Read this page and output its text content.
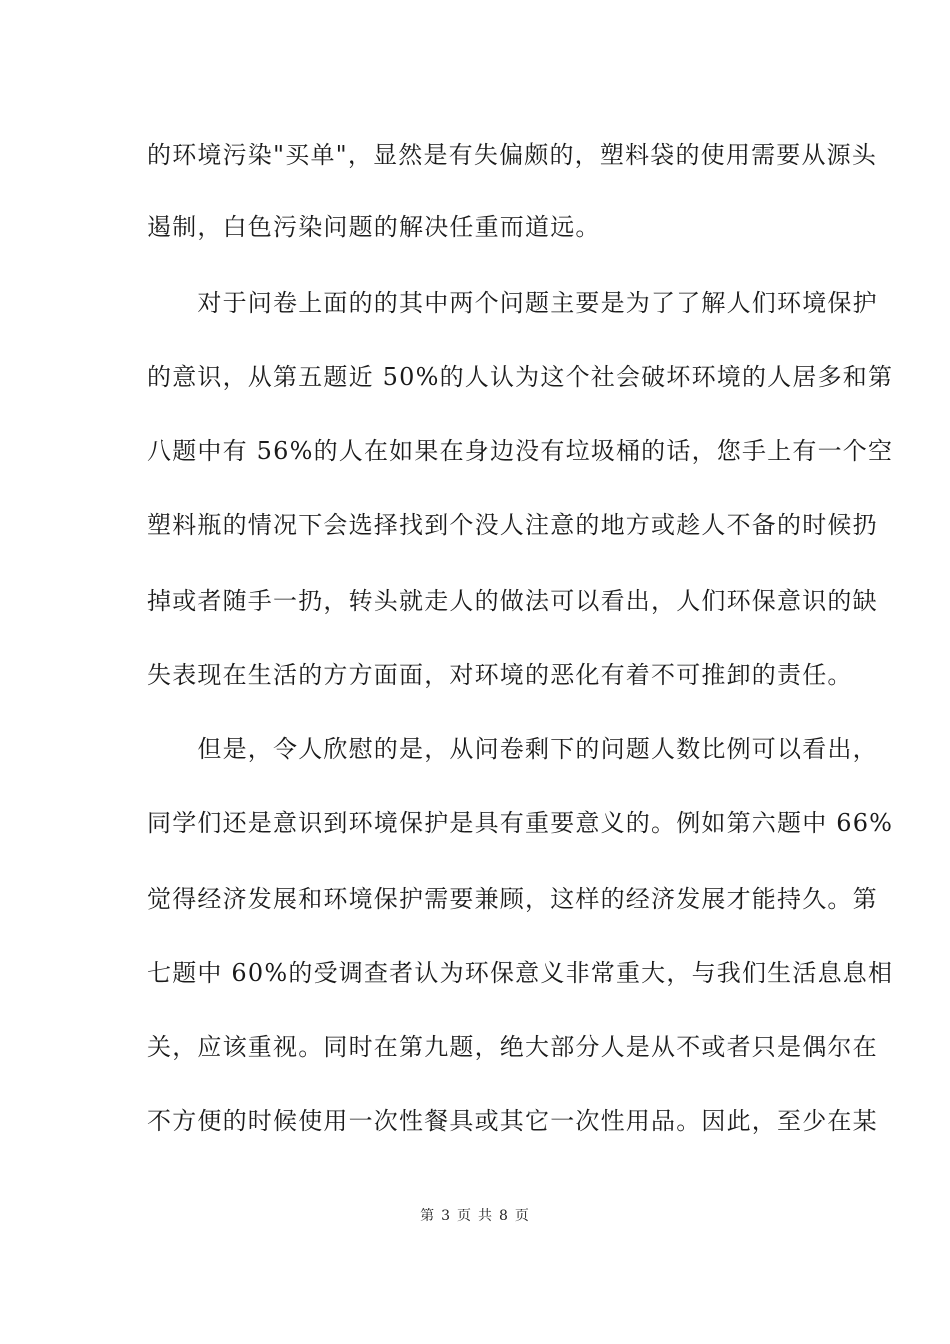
的环境污染"买单"，显然是有失偏颇的，塑料袋的使用需要从源头
遏制，白色污染问题的解决任重而道远。
　　对于问卷上面的的其中两个问题主要是为了了解人们环境保护
的意识，从第五题近 50%的人认为这个社会破坏环境的人居多和第
八题中有 56%的人在如果在身边没有垃圾桶的话，您手上有一个空
塑料瓶的情况下会选择找到个没人注意的地方或趁人不备的时候扔
掉或者随手一扔，转头就走人的做法可以看出，人们环保意识的缺
失表现在生活的方方面面，对环境的恶化有着不可推卸的责任。
　　但是，令人欣慰的是，从问卷剩下的问题人数比例可以看出，
同学们还是意识到环境保护是具有重要意义的。例如第六题中 66%
觉得经济发展和环境保护需要兼顾，这样的经济发展才能持久。第
七题中 60%的受调查者认为环保意义非常重大，与我们生活息息相
关，应该重视。同时在第九题，绝大部分人是从不或者只是偶尔在
不方便的时候使用一次性餐具或其它一次性用品。因此，至少在某
第 3 页 共 8 页
